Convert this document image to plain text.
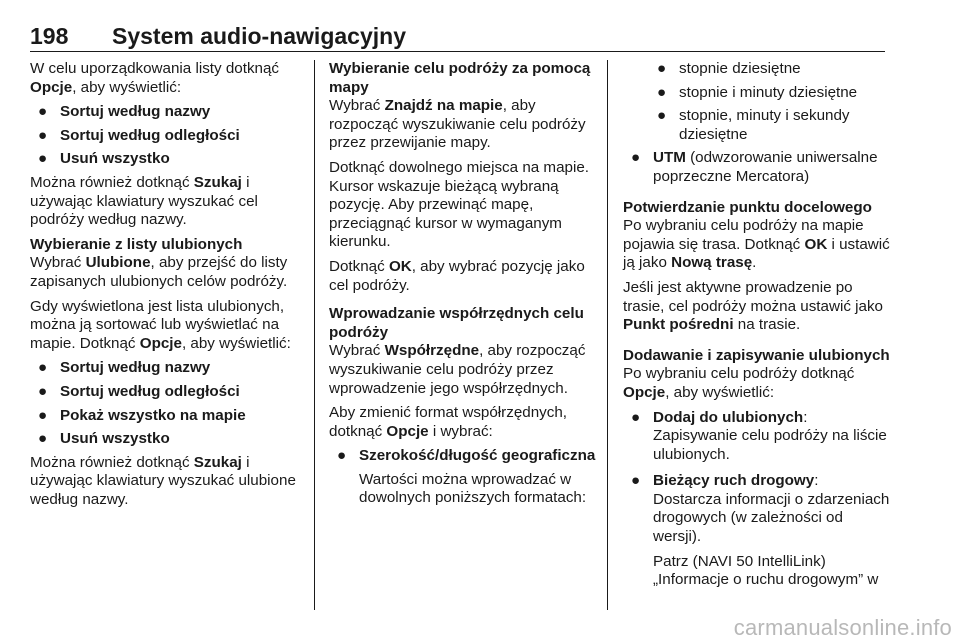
198 System audio-nawigacyjny

W celu uporządkowania listy dotknąć Opcje, aby wyświetlić:

● Sortuj według nazwy
● Sortuj według odległości
● Usuń wszystko

Można również dotknąć Szukaj i używając klawiatury wyszukać cel podróży według nazwy.

Wybieranie z listy ulubionych

Wybrać Ulubione, aby przejść do listy zapisanych ulubionych celów podróży.

Gdy wyświetlona jest lista ulubionych, można ją sortować lub wyświetlać na mapie. Dotknąć Opcje, aby wyświetlić:

● Sortuj według nazwy
● Sortuj według odległości
● Pokaż wszystko na mapie
● Usuń wszystko

Można również dotknąć Szukaj i używając klawiatury wyszukać ulubione według nazwy.

Wybieranie celu podróży za pomocą mapy

Wybrać Znajdź na mapie, aby rozpocząć wyszukiwanie celu podróży przez przewijanie mapy.

Dotknąć dowolnego miejsca na mapie. Kursor wskazuje bieżącą wybraną pozycję. Aby przewinąć mapę, przeciągnąć kursor w wymaganym kierunku.

Dotknąć OK, aby wybrać pozycję jako cel podróży.

Wprowadzanie współrzędnych celu podróży

Wybrać Współrzędne, aby rozpocząć wyszukiwanie celu podróży przez wprowadzenie jego współrzędnych.

Aby zmienić format współrzędnych, dotknąć Opcje i wybrać:

● Szerokość/długość geograficzna

Wartości można wprowadzać w dowolnych poniższych formatach:

● stopnie dziesiętne
● stopnie i minuty dziesiętne
● stopnie, minuty i sekundy dziesiętne
● UTM (odwzorowanie uniwersalne poprzeczne Mercatora)
Potwierdzanie punktu docelowego

Po wybraniu celu podróży na mapie pojawia się trasa. Dotknąć OK i ustawić ją jako Nową trasę.

Jeśli jest aktywne prowadzenie po trasie, cel podróży można ustawić jako Punkt pośredni na trasie.

Dodawanie i zapisywanie ulubionych

Po wybraniu celu podróży dotknąć Opcje, aby wyświetlić:

● Dodaj do ulubionych:
Zapisywanie celu podróży na liście ulubionych.
● Bieżący ruch drogowy:
Dostarcza informacji o zdarzeniach drogowych (w zależności od wersji).
Patrz (NAVI 50 IntelliLink) „Informacje o ruchu drogowym” w
carmanualsonline.info
